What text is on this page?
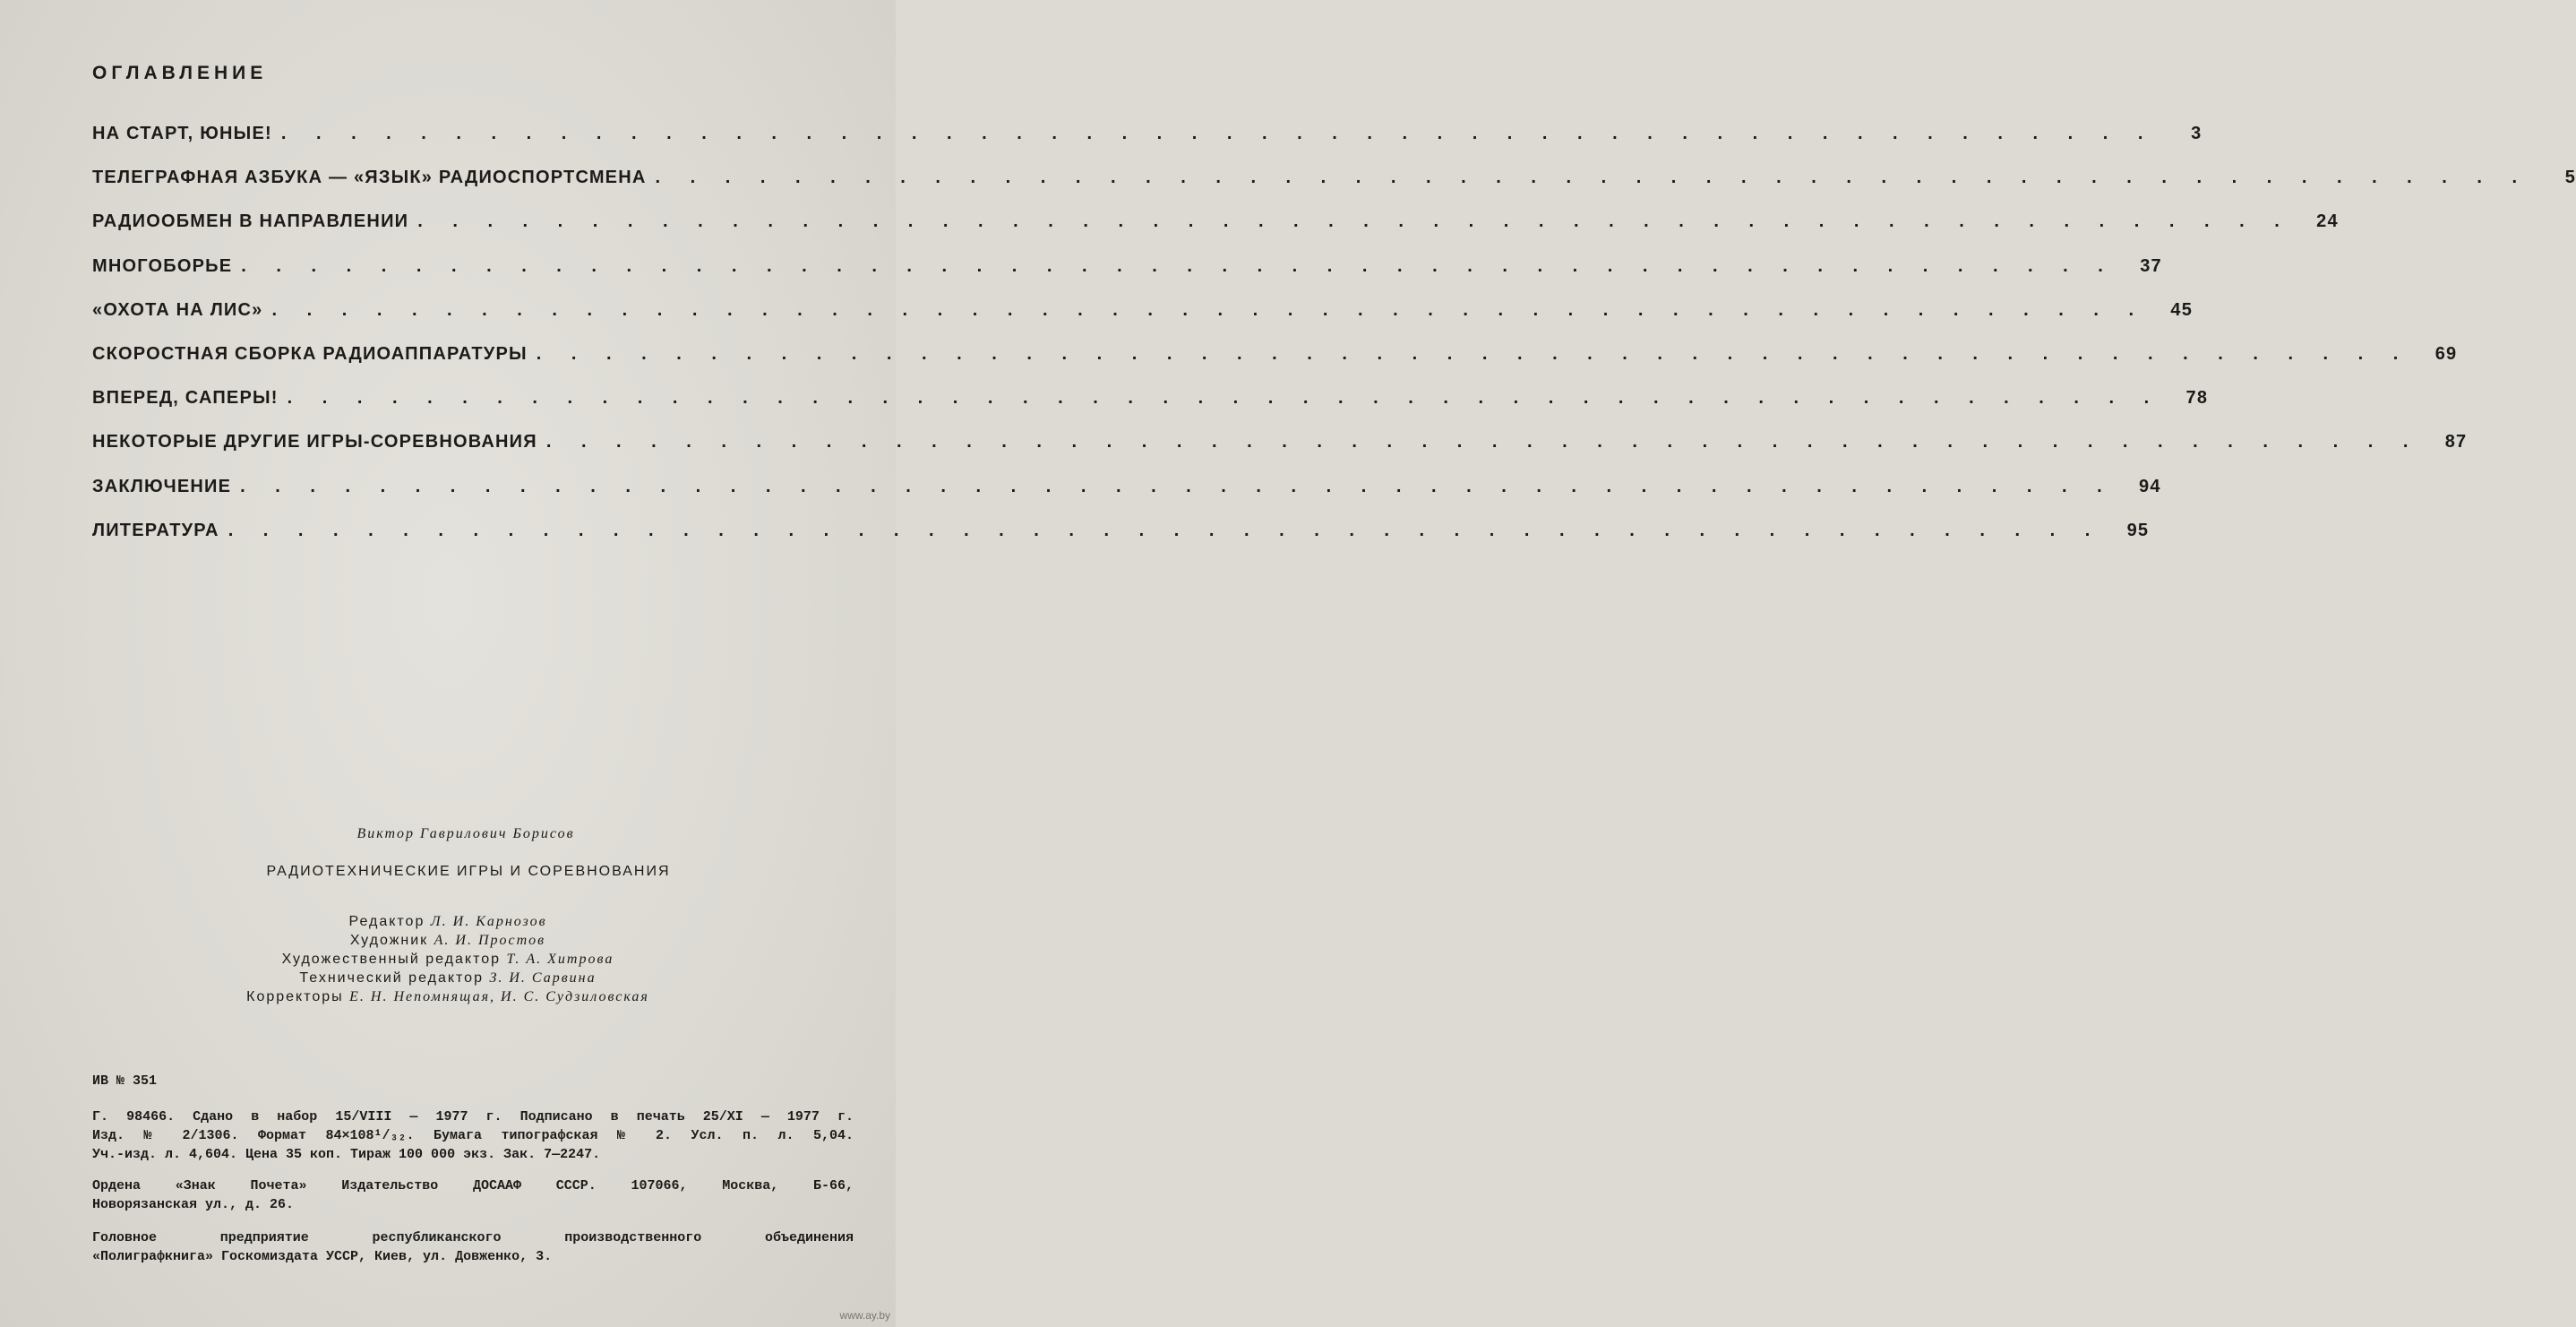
ОГЛАВЛЕНИЕ
НА СТАРТ, ЮНЫЕ! . . . . . . . . . . . . . . . . . . . . . . . . . . . . . . . . . . . . . . . . . . . . . . . . . . . . . .	3
ТЕЛЕГРАФНАЯ АЗБУКА — «ЯЗЫК» РАДИОСПОРТСМЕНА . . . . . . . . . . . . . . . . . . . . . . . . . . . . . . . . . . . . . . . . . . . . . . . . . . . . . .	5
РАДИООБМЕН В НАПРАВЛЕНИИ . . . . . . . . . . . . . . . . . . . . . . . . . . . . . . . . . . . . . . . . . . . . . . . . . . . . . .	24
МНОГОБОРЬЕ . . . . . . . . . . . . . . . . . . . . . . . . . . . . . . . . . . . . . . . . . . . . . . . . . . . . . .	37
«ОХОТА НА ЛИС» . . . . . . . . . . . . . . . . . . . . . . . . . . . . . . . . . . . . . . . . . . . . . . . . . . . . . .	45
СКОРОСТНАЯ СБОРКА РАДИОАППАРАТУРЫ . . . . . . . . . . . . . . . . . . . . . . . . . . . . . . . . . . . . . . . . . . . . . . . . . . . . . .	69
ВПЕРЕД, САПЕРЫ! . . . . . . . . . . . . . . . . . . . . . . . . . . . . . . . . . . . . . . . . . . . . . . . . . . . . . .	78
НЕКОТОРЫЕ ДРУГИЕ ИГРЫ-СОРЕВНОВАНИЯ . . . . . . . . . . . . . . . . . . . . . . . . . . . . . . . . . . . . . . . . . . . . . . . . . . . . . .	87
ЗАКЛЮЧЕНИЕ . . . . . . . . . . . . . . . . . . . . . . . . . . . . . . . . . . . . . . . . . . . . . . . . . . . . . .	94
ЛИТЕРАТУРА . . . . . . . . . . . . . . . . . . . . . . . . . . . . . . . . . . . . . . . . . . . . . . . . . . . . . .	95
Виктор Гаврилович Борисов
РАДИОТЕХНИЧЕСКИЕ ИГРЫ И СОРЕВНОВАНИЯ
Редактор Л. И. Карнозов
Художник А. И. Простов
Художественный редактор Т. А. Хитрова
Технический редактор З. И. Сарвина
Корректоры Е. Н. Непомнящая, И. С. Судзиловская
ИВ № 351
Г. 98466. Сдано в набор 15/VIII — 1977 г. Подписано в печать 25/XI — 1977 г.
Изд. № 2/1306. Формат 84×108¹/₃₂. Бумага типографская № 2. Усл. п. л. 5,04.
Уч.-изд. л. 4,604. Цена 35 коп. Тираж 100 000 экз. Зак. 7—2247.
Ордена «Знак Почета» Издательство ДОСААФ СССР. 107066, Москва, Б-66,
Новорязанская ул., д. 26.
Головное предприятие республиканского производственного объединения
«Полиграфкнига» Госкомиздата УССР, Киев, ул. Довженко, 3.
www.ay.by
